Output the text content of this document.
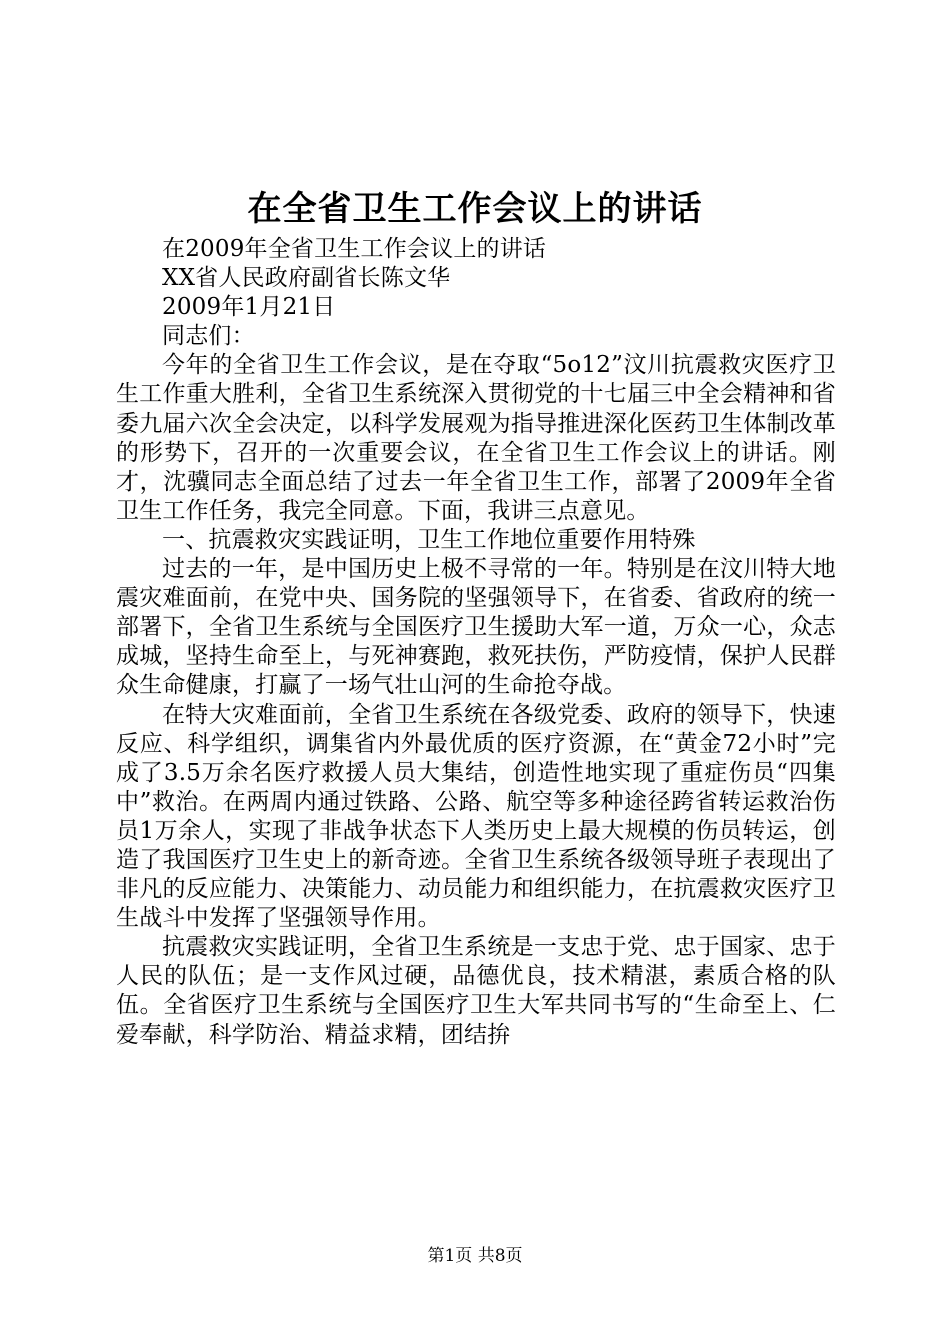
在全省卫生工作会议上的讲话

在2009年全省卫生工作会议上的讲话

XX省人民政府副省长陈文华

2009年1月21日

同志们：

今年的全省卫生工作会议，是在夺取“5o12”汶川抗震救灾医疗卫生工作重大胜利，全省卫生系统深入贯彻党的十七届三中全会精神和省委九届六次全会决定，以科学发展观为指导推进深化医药卫生体制改革的形势下，召开的一次重要会议，在全省卫生工作会议上的讲话。刚才，沈骥同志全面总结了过去一年全省卫生工作，部署了2009年全省卫生工作任务，我完全同意。下面，我讲三点意见。

一、抗震救灾实践证明，卫生工作地位重要作用特殊

过去的一年，是中国历史上极不寻常的一年。特别是在汶川特大地震灾难面前，在党中央、国务院的坚强领导下，在省委、省政府的统一部署下，全省卫生系统与全国医疗卫生援助大军一道，万众一心，众志成城，坚持生命至上，与死神赛跑，救死扶伤，严防疫情，保护人民群众生命健康，打赢了一场气壮山河的生命抢夺战。

在特大灾难面前，全省卫生系统在各级党委、政府的领导下，快速反应、科学组织，调集省内外最优质的医疗资源，在“黄金72小时”完成了3.5万余名医疗救援人员大集结，创造性地实现了重症伤员“四集中”救治。在两周内通过铁路、公路、航空等多种途径跨省转运救治伤员1万余人，实现了非战争状态下人类历史上最大规模的伤员转运，创造了我国医疗卫生史上的新奇迹。全省卫生系统各级领导班子表现出了非凡的反应能力、决策能力、动员能力和组织能力，在抗震救灾医疗卫生战斗中发挥了坚强领导作用。

抗震救灾实践证明，全省卫生系统是一支忠于党、忠于国家、忠于人民的队伍；是一支作风过硬，品德优良，技术精湛，素质合格的队伍。全省医疗卫生系统与全国医疗卫生大军共同书写的“生命至上、仁爱奉献，科学防治、精益求精，团结拚

第1页 共8页
